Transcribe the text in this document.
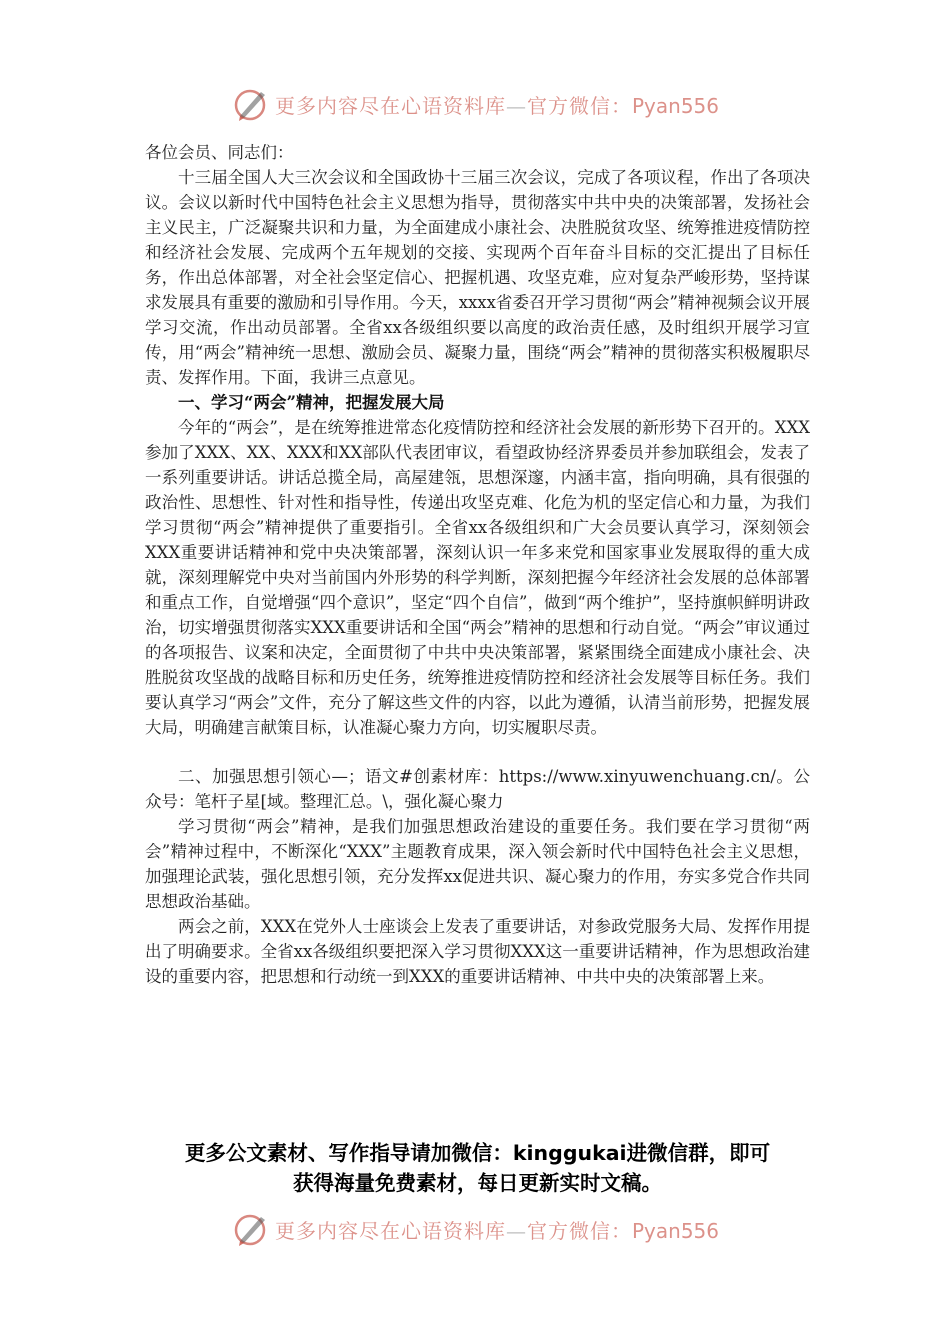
更多内容尽在心语资料库—官方微信：Pyan556

各位会员、同志们：

十三届全国人大三次会议和全国政协十三届三次会议，完成了各项议程，作出了各项决议。会议以新时代中国特色社会主义思想为指导，贯彻落实中共中央的决策部署，发扬社会主义民主，广泛凝聚共识和力量，为全面建成小康社会、决胜脱贫攻坚、统筹推进疫情防控和经济社会发展、完成两个五年规划的交接、实现两个百年奋斗目标的交汇提出了目标任务，作出总体部署，对全社会坚定信心、把握机遇、攻坚克难，应对复杂严峻形势，坚持谋求发展具有重要的激励和引导作用。今天，xxxx省委召开学习贯彻“两会”精神视频会议开展学习交流，作出动员部署。全省xx各级组织要以高度的政治责任感，及时组织开展学习宣传，用“两会”精神统一思想、激励会员、凝聚力量，围绕“两会”精神的贯彻落实积极履职尽责、发挥作用。下面，我讲三点意见。

一、学习“两会”精神，把握发展大局

今年的“两会”，是在统筹推进常态化疫情防控和经济社会发展的新形势下召开的。XXX参加了XXX、XX、XXX和XX部队代表团审议，看望政协经济界委员并参加联组会，发表了一系列重要讲话。讲话总揽全局，高屋建瓴，思想深邃，内涵丰富，指向明确，具有很强的政治性、思想性、针对性和指导性，传递出攻坚克难、化危为机的坚定信心和力量，为我们学习贯彻“两会”精神提供了重要指引。全省xx各级组织和广大会员要认真学习，深刻领会XXX重要讲话精神和党中央决策部署，深刻认识一年多来党和国家事业发展取得的重大成就，深刻理解党中央对当前国内外形势的科学判断，深刻把握今年经济社会发展的总体部署和重点工作，自觉增强“四个意识”，坚定“四个自信”，做到“两个维护”，坚持旗帜鲜明讲政治，切实增强贯彻落实XXX重要讲话和全国“两会”精神的思想和行动自觉。“两会”审议通过的各项报告、议案和决定，全面贯彻了中共中央决策部署，紧紧围绕全面建成小康社会、决胜脱贫攻坚战的战略目标和历史任务，统筹推进疫情防控和经济社会发展等目标任务。我们要认真学习“两会”文件，充分了解这些文件的内容，以此为遵循，认清当前形势，把握发展大局，明确建言献策目标，认准凝心聚力方向，切实履职尽责。

二、加强思想引领心—；语文#创素材库：https://www.xinyuwenchuang.cn/。公众号：笔杆子星[域。整理汇总。\，强化凝心聚力

学习贯彻“两会”精神，是我们加强思想政治建设的重要任务。我们要在学习贯彻“两会”精神过程中，不断深化“XXX”主题教育成果，深入领会新时代中国特色社会主义思想，加强理论武装，强化思想引领，充分发挥xx促进共识、凝心聚力的作用，夯实多党合作共同思想政治基础。

两会之前，XXX在党外人士座谈会上发表了重要讲话，对参政党服务大局、发挥作用提出了明确要求。全省xx各级组织要把深入学习贯彻XXX这一重要讲话精神，作为思想政治建设的重要内容，把思想和行动统一到XXX的重要讲话精神、中共中央的决策部署上来。

更多公文素材、写作指导请加微信：kinggukai进微信群，即可
获得海量免费素材，每日更新实时文稿。
更多内容尽在心语资料库—官方微信：Pyan556
